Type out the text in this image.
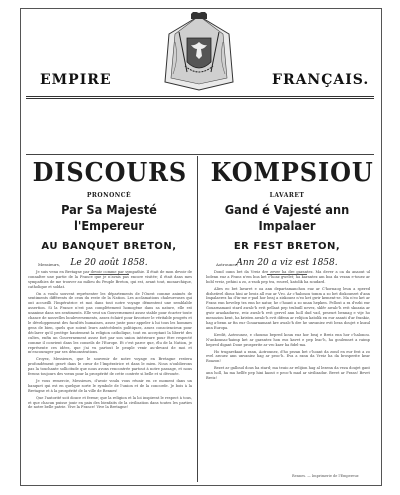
EMPIRE	FRANÇAIS.
DISCOURS
PRONONCÉ
Par Sa Majesté l'Empereur
AU BANQUET BRETON,
Le 20 août 1858.
KOMPSIOU
LAVARET
Gand é Vajesté ann Impalaer
ER FEST BRETON,
Ann 20 a viz est 1858.

Messieurs,

Je suis venu en Bretagne par devoir comme par sympathie. Il était de mon devoir de connaître une partie de la France que je n'avais pas encore visitée; il était dans mes sympathies de me trouver au milieu du Peuple Breton, qui est, avant tout, monarchique, catholique et soldat.

On a voulu souvent représenter les départements de l'Ouest comme animés de sentiments différents de ceux du reste de la Nation. Les acclamations chaleureuses qui ont accueilli l'Impératrice et moi dans tout notre voyage démentent une semblable assertion. Si la France n'est pas complètement homogène dans sa nature, elle est unanime dans ses sentiments. Elle veut un Gouvernement assez stable pour écarter toute chance de nouvelles bouleversements, assez éclairé pour favoriser le véritable progrès et le développement des facultés humaines, assez juste pour appeler à lui tous les hommes gens de bien, quels que soient leurs antécédents politiques, assez consciencieux pour déclarer qu'il protège hautement la religion catholique, tout en acceptant la liberté des cultes, enfin un Gouvernement assez fort par son union intérieure pour être respecté comme il convient dans les conseils de l'Europe. Et c'est parce que, élu de la Nation, je représente ces idées, que j'ai vu partout le peuple venir au-devant de moi et m'encourager par ses démonstrations.

Croyez, Messieurs, que le souvenir de notre voyage en Bretagne restera profondément gravé dans le cœur de l'Impératrice et dans le mien. Nous n'oublierons pas la touchante sollicitude que nous avons rencontrée partout à notre passage, et nous ferons toujours des vœux pour la prospérité de cette contrée si belle et si dévouée.

Je vous remercie, Messieurs, d'avoir voulu vous réunir en ce moment dans un banquet qui est en quelque sorte le symbole de l'union et de la concorde. Je bois à la Bretagne et à la prospérité de la ville de Rennes!

Que l'autorité soit douce et ferme; que la religion et la loi inspirent le respect à tous, et que chacun puisse jouir en paix des bienfaits de la civilisation dans toutes les parties de notre belle patrie. Vive la France! Vive la Bretagne!

Aotrounez,

Dond ounn bet da Vreiz dre zever ha dre garantez. Ma dever a oa da anaout ul lodenn euz a Frans n'em boa ket c'hoaz gwelet; ha karantez am boa da vezan e-touez ar bobl vreiz, pehini a zo, a-raok pep tra, roueel, katolik ha soudard.

Alies eo bet lavaret e oa ann departamanchou euz ar C'hornaog leun a spered disheñvel diouz hini ar broiz all euz ar Vro. Ar c'halonou tomm a zo bet diskouezet d'ann Impalaerez ha d'in-me e-pad hor beaj a ziskouez n'eo ket gwir kement-se. Ma n'eo ket ar Frans eun hevelep tra enn he natur, he c'hoant a zo unan hepken. Fellout a ra d'ezhi eur Gouarnamant stard awalc'h evit pellaat pep trubuill nevez, sklêr awalc'h evit skoazia ar gwir araokadurez, reiz awalc'h evit gervel ann holl dud vad, peseurt bennag e vije ho menoziou kent, ha kristen awalc'h evit difenn ar relijion katolik en eur asanti d'ar frankiz, hag a-benn ar fin eur Gouarnamant kre awalc'h dre he unvaniez evit beza doujet e kuzul ann Europa.

Kredit, Aotrounez, e choumo bepred koun euz hor beaj e Breiz enn hor c'halonou. N'ankounac'haimp ket ar garantez hon eus kavet e pep leac'h, ha goulennet a raimp bepred digant Doue prosperite ar vro kaer ha fidel-ma.

Ho trugarekaat a rann, Aotrounez, d'ho pezan bet c'hoant da zond en eur fest a zo evel arouez ann unvaniez hag ar peoc'h. Eva a rann da Vreiz ha da brosperite kear Roazon!

Bezet ar galloud dous ha stard; ma teuio ar relijion hag al lezenn da veza doujet gant ann holl, ha ma hellfe pep hini kaout e peoc'h mad ar sivilizadur. Bevet ar Frans! Bevet Breiz!

Rennes. — Imprimerie de l'Empereur.
